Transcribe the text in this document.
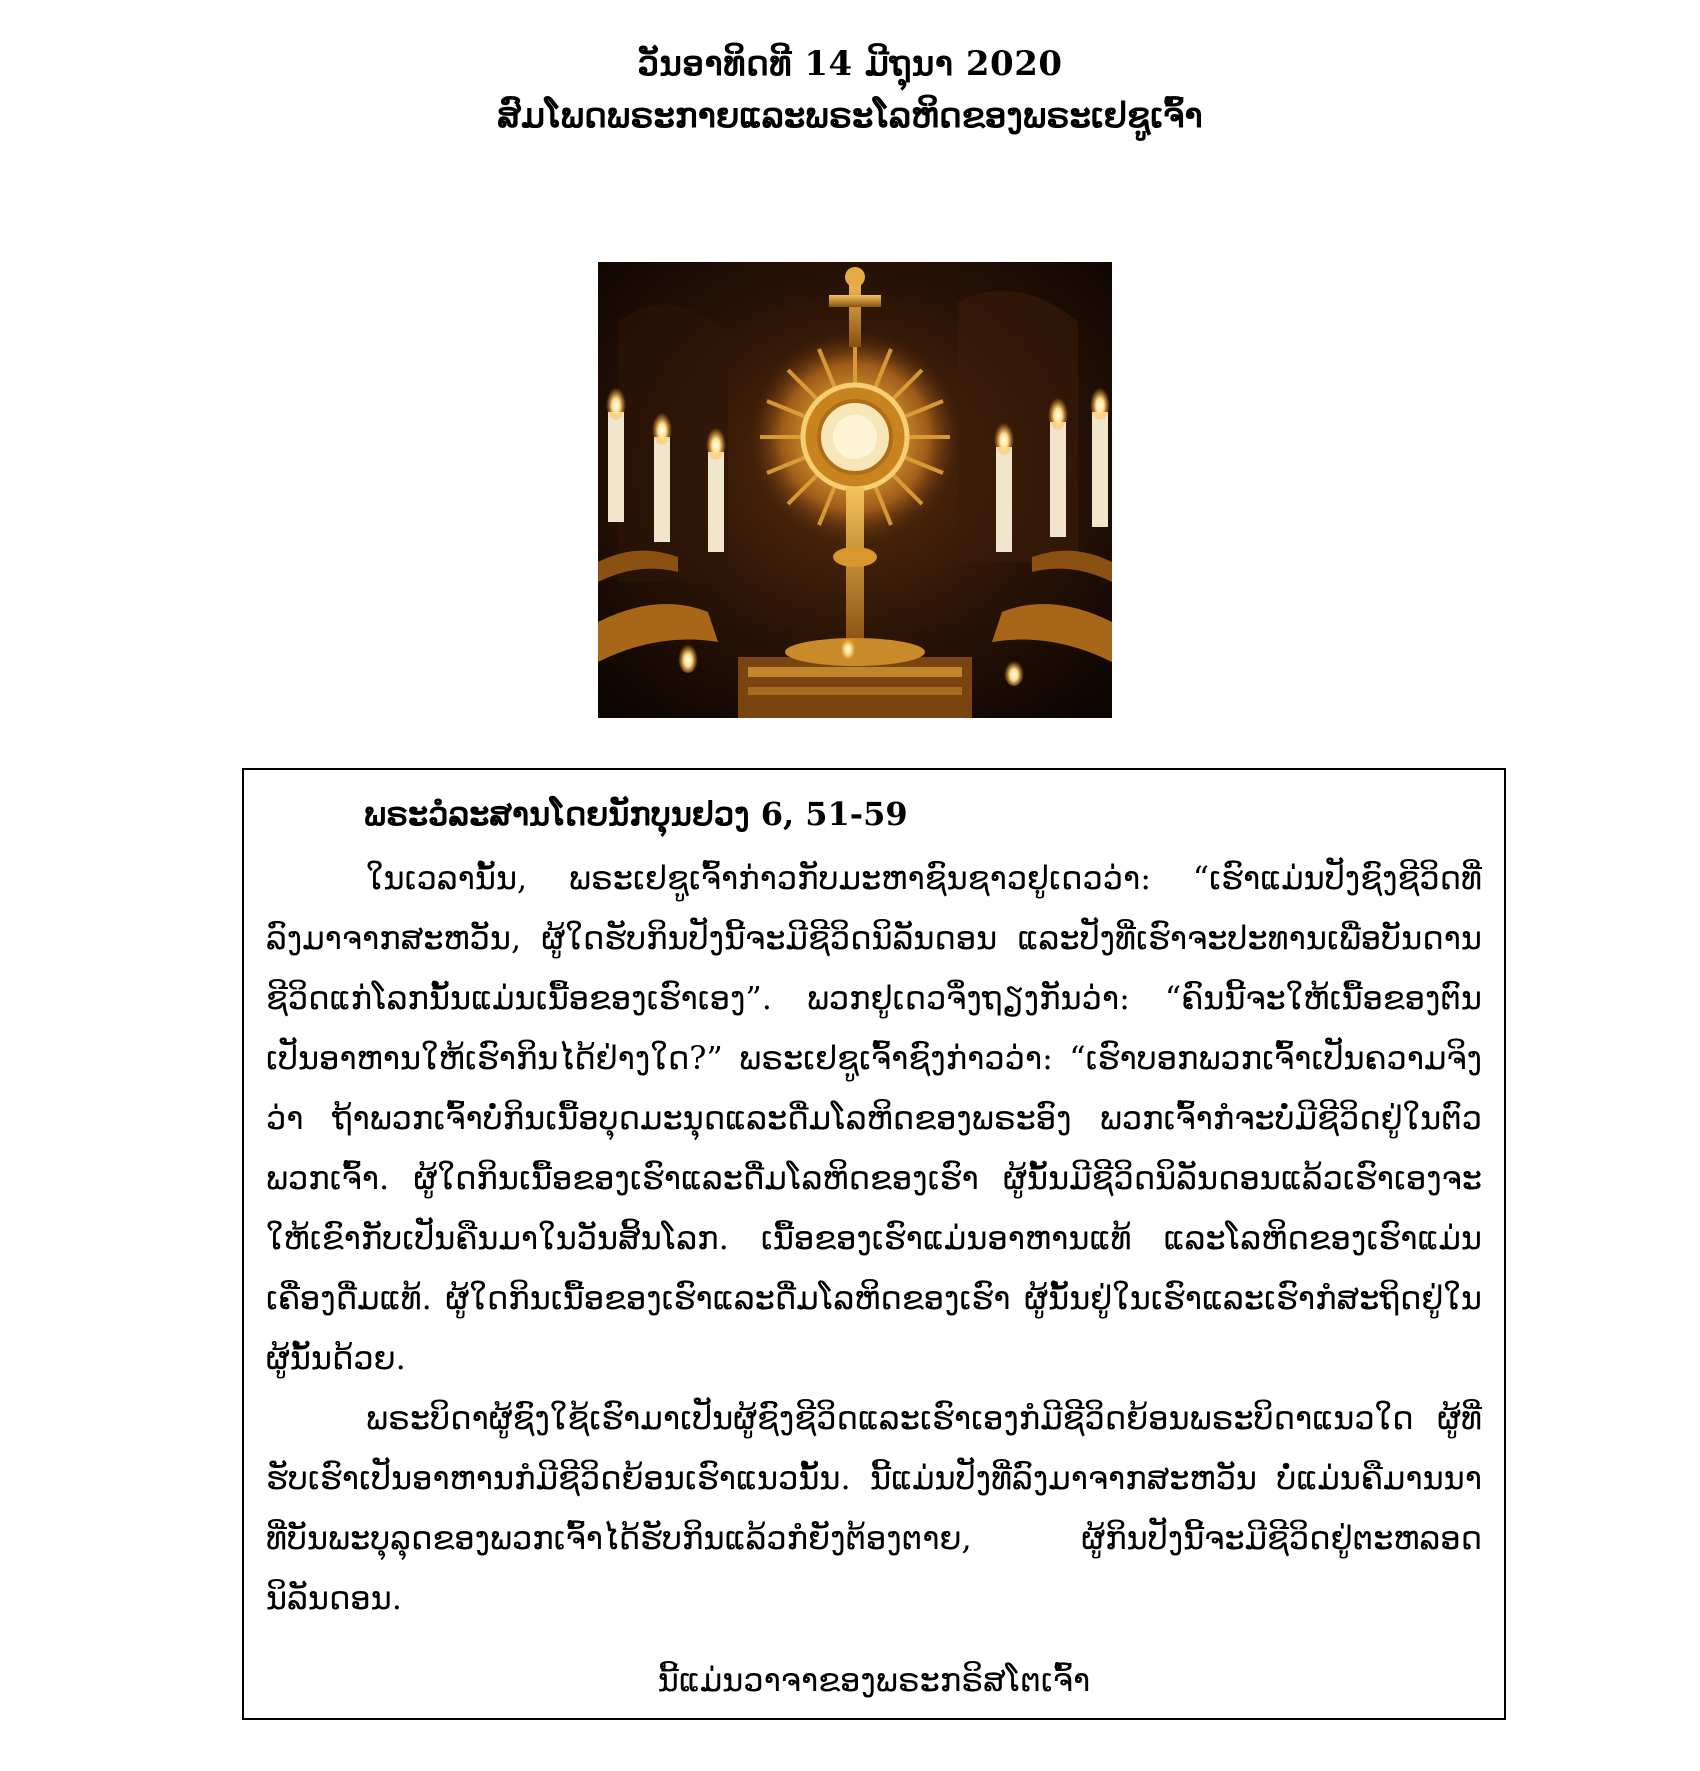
ວັນອາທິດທີ 14 ມີຖຸນາ 2020
ສົມໂພດພຣະກາຍແລະພຣະໂລຫິດຂອງພຣະເຢຊູເຈົ້າ
ພຣະວໍລະສານໂດຍນັກບຸນຢວງ 6, 51-59

ໃນເວລານັ້ນ, ພຣະເຢຊູເຈົ້າກ່າວກັບມະຫາຊົນຊາວຢູເດວວ່າ: “ເຮົາແມ່ນປັງຊົງຊີວິດທີ່ລົງມາຈາກສະຫວັນ, ຜູ້ໃດຮັບກິນປັງນີ້ຈະມີຊີວິດນິລັນດອນ ແລະປັງທີ່ເຮົາຈະປະທານເພື່ອບັນດານຊີວິດແກ່ໂລກນັ້ນແມ່ນເນື້ອຂອງເຮົາເອງ”. ພວກຢູເດວຈຶ່ງຖຽງກັນວ່າ: “ຄົນນີ້ຈະໃຫ້ເນື້ອຂອງຕົນເປັນອາຫານໃຫ້ເຮົາກິນໄດ້ຢ່າງໃດ?” ພຣະເຢຊູເຈົ້າຊົງກ່າວວ່າ: “ເຮົາບອກພວກເຈົ້າເປັນຄວາມຈິງວ່າ ຖ້າພວກເຈົ້າບໍ່ກິນເນື້ອບຸດມະນຸດແລະດື່ມໂລຫິດຂອງພຣະອົງ ພວກເຈົ້າກໍຈະບໍ່ມີຊີວິດຢູ່ໃນຕົວພວກເຈົ້າ. ຜູ້ໃດກິນເນື້ອຂອງເຮົາແລະດື່ມໂລຫິດຂອງເຮົາ ຜູ້ນັ້ນມີຊີວິດນິລັນດອນແລ້ວເຮົາເອງຈະໃຫ້ເຂົາກັບເປັນຄືນມາໃນວັນສິ້ນໂລກ. ເນື້ອຂອງເຮົາແມ່ນອາຫານແທ້ ແລະໂລຫິດຂອງເຮົາແມ່ນເຄື່ອງດື່ມແທ້. ຜູ້ໃດກິນເນື້ອຂອງເຮົາແລະດື່ມໂລຫິດຂອງເຮົາ ຜູ້ນັ້ນຢູ່ໃນເຮົາແລະເຮົາກໍສະຖິດຢູ່ໃນຜູ້ນັ້ນດ້ວຍ.

ພຣະບິດາຜູ້ຊົງໃຊ້ເຮົາມາເປັນຜູ້ຊົງຊີວິດແລະເຮົາເອງກໍມີຊີວິດຍ້ອນພຣະບິດາແນວໃດ ຜູ້ທີ່ຮັບເຮົາເປັນອາຫານກໍມີຊີວິດຍ້ອນເຮົາແນວນັ້ນ. ນີ້ແມ່ນປັງທີ່ລົງມາຈາກສະຫວັນ ບໍ່ແມ່ນຄືມານນາທີ່ບັນພະບຸລຸດຂອງພວກເຈົ້າໄດ້ຮັບກິນແລ້ວກໍຍັງຕ້ອງຕາຍ, ຜູ້ກິນປັງນີ້ຈະມີຊີວິດຢູ່ຕະຫລອດນິລັນດອນ.

ນີ້ແມ່ນວາຈາຂອງພຣະກຣິສໂຕເຈົ້າ
